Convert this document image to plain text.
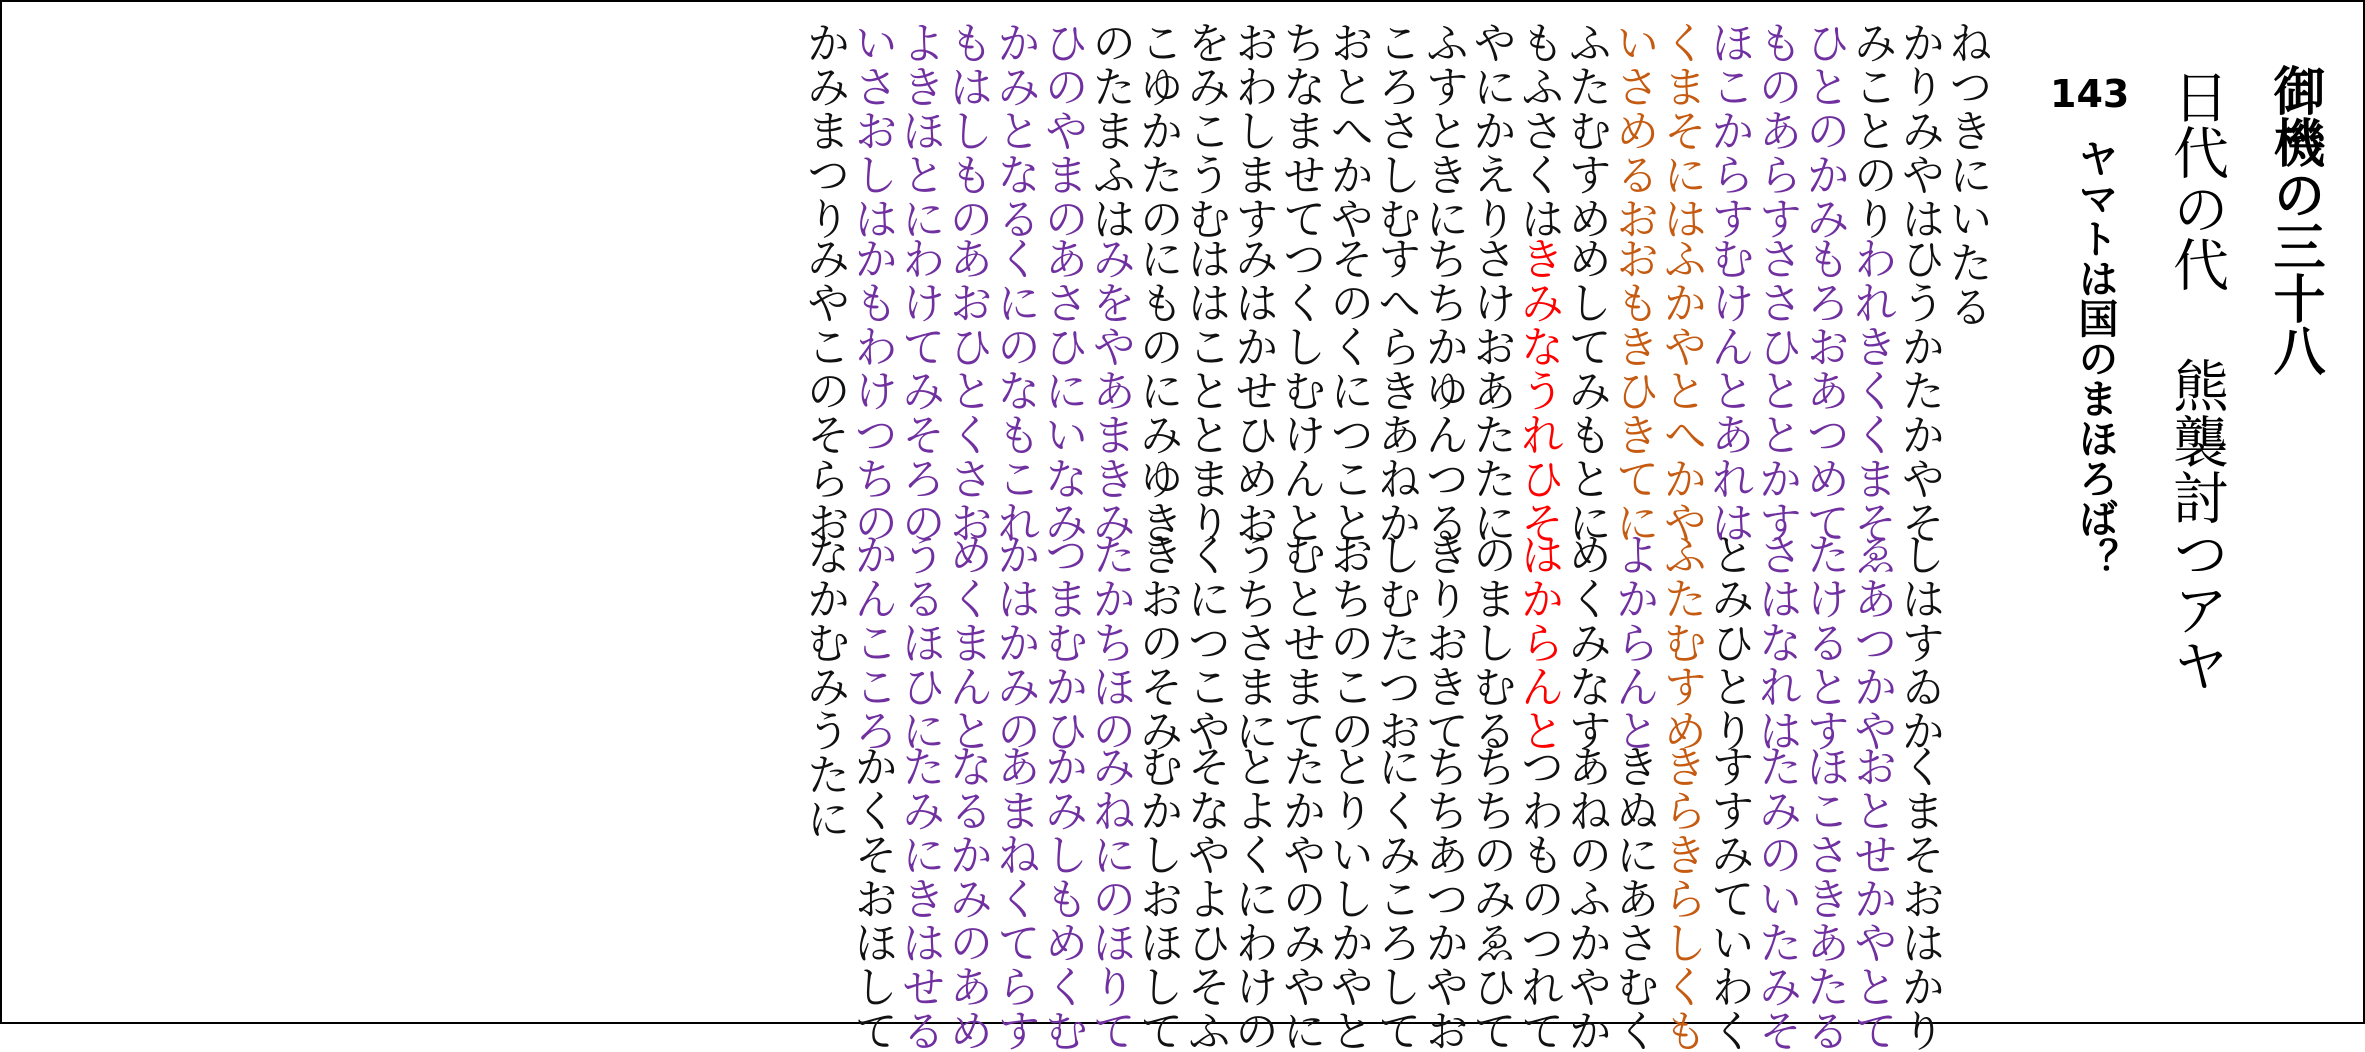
御機の三十八
日代の代 熊襲討つアヤ
143
ヤマトは国のまほろば？
ねつきにいたる
かりみやは
ひうかたかやそ
しはすゐか
くまそおはかり
みことのり
われきくくまそ
ゑあつかや
おとせかやとて
ひとのかみ
もろおあつめて
たけるとす
ほこさきあたる
ものあらす
ささひととかす
さはなれは
たみのいたみそ
ほこからす
むけんとあれは
とみひとり
すすみていわく
くまそには
ふかやとへかや
ふたむすめ
きらきらしくも
いさめるお
おもきひきてに
よからんと
きぬにあさむく
ふたむすめ
めしてみもとに
めくみなす
あねのふかやか
もふさくは
きみなうれひそ
はからんと
つわものつれて
やにかえり
さけおあたたに
のましむる
ちちのみゑひて
ふすときに
ちちかゆんつる
きりおきて
ちちあつかやお
ころさしむ
すへらきあねか
しむたつお
にくみころして
おとへかや
そのくにつこと
おちのこの
とりいしかやと
ちなませて
つくしむけんと
むとせまて
たかやのみやに
おわします
みはかせひめお
うちさまに
とよくにわけの
をみこうむ
ははこととまり
くにつこや
そなやよひそふ
こゆかたの
にものにみゆき
きおのそみ
むかしおほして
のたまふは
みをやあまきみ
たかちほの
みねにのほりて
ひのやまの
あさひにいなみ
つまむかひ
かみしもめくむ
かみとなる
くにのなもこれ
かはかみの
あまねくてらす
もはしもの
あおひとくさお
めくまんと
なるかみのあめ
よきほとに
わけてみそろの
うるほひに
たみにきはせる
いさおしは
かもわけつちの
かんこころ
かくそおほして
かみまつり
みやこのそらお
なかむみうたに
